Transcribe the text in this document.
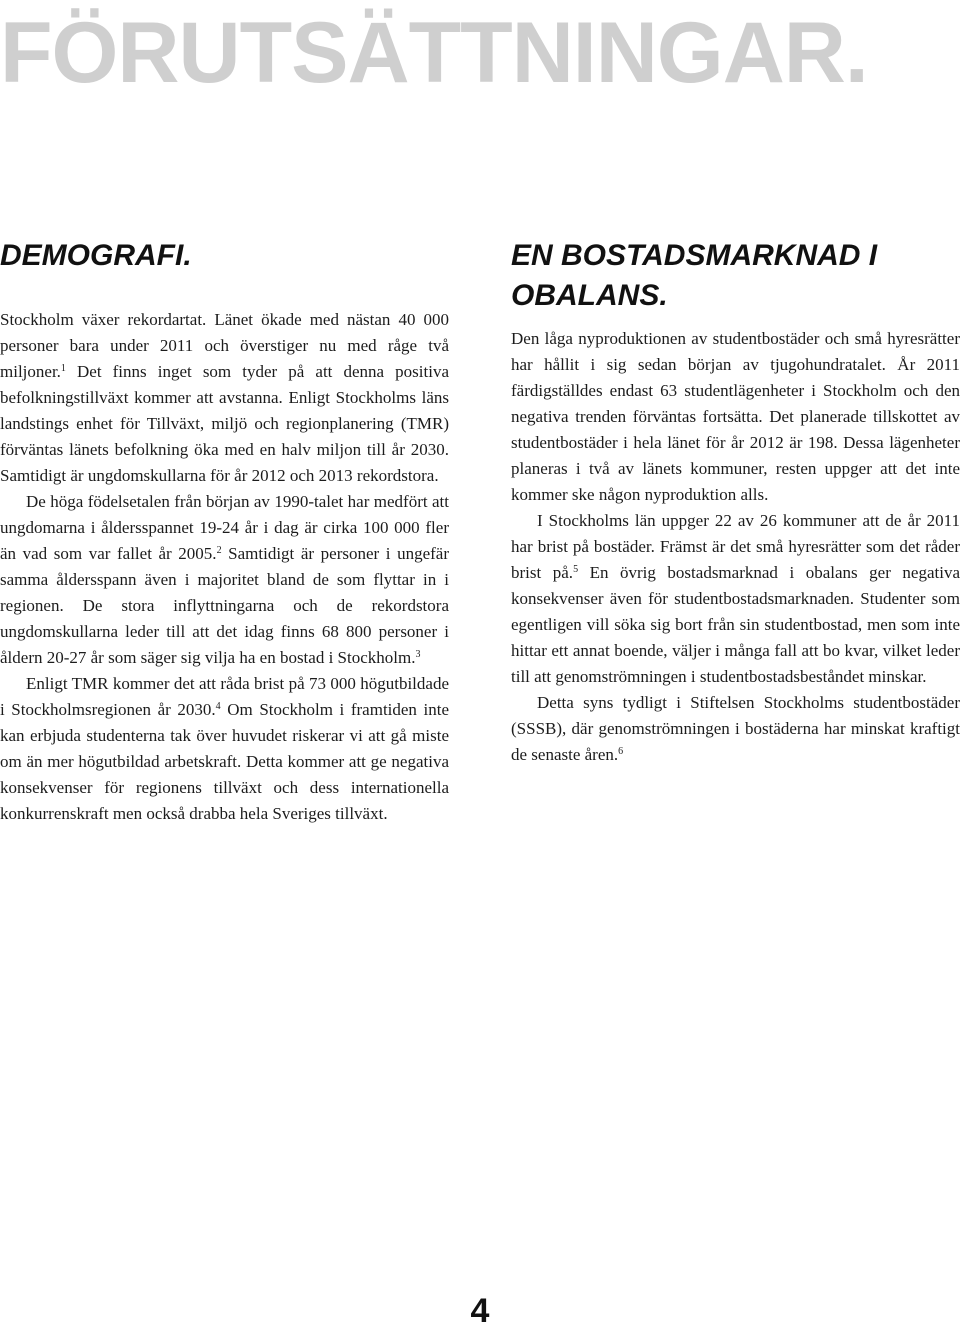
FÖRUTSÄTTNINGAR.
DEMOGRAFI.

Stockholm växer rekordartat. Länet ökade med nästan 40 000 personer bara under 2011 och överstiger nu med råge två miljoner.$^1$ Det finns inget som tyder på att denna positiva befolkningstillväxt kommer att avstanna. Enligt Stockholms läns landstings enhet för Tillväxt, miljö och regionplanering (TMR) förväntas länets befolkning öka med en halv miljon till år 2030. Samtidigt är ungdomskullarna för år 2012 och 2013 rekordstora.

De höga födelsetalen från början av 1990-talet har medfört att ungdomarna i åldersspannet 19-24 år i dag är cirka 100 000 fler än vad som var fallet år 2005.$^2$ Samtidigt är personer i ungefär samma åldersspann även i majoritet bland de som flyttar in i regionen. De stora inflyttningarna och de rekordstora ungdomskullarna leder till att det idag finns 68 800 personer i åldern 20-27 år som säger sig vilja ha en bostad i Stockholm.$^3$

Enligt TMR kommer det att råda brist på 73 000 högutbildade i Stockholmsregionen år 2030.$^4$ Om Stockholm i framtiden inte kan erbjuda studenterna tak över huvudet riskerar vi att gå miste om än mer högutbildad arbetskraft. Detta kommer att ge negativa konsekvenser för regionens tillväxt och dess internationella konkurrenskraft men också drabba hela Sveriges tillväxt.

EN BOSTADSMARKNAD I OBALANS.

Den låga nyproduktionen av studentbostäder och små hyresrätter har hållit i sig sedan början av tjugohundratalet. År 2011 färdigställdes endast 63 studentlägenheter i Stockholm och den negativa trenden förväntas fortsätta. Det planerade tillskottet av studentbostäder i hela länet för år 2012 är 198. Dessa lägenheter planeras i två av länets kommuner, resten uppger att det inte kommer ske någon nyproduktion alls.

I Stockholms län uppger 22 av 26 kommuner att de år 2011 har brist på bostäder. Främst är det små hyresrätter som det råder brist på.$^5$ En övrig bostadsmarknad i obalans ger negativa konsekvenser även för studentbostadsmarknaden. Studenter som egentligen vill söka sig bort från sin studentbostad, men som inte hittar ett annat boende, väljer i många fall att bo kvar, vilket leder till att genomströmningen i studentbostadsbeståndet minskar.

Detta syns tydligt i Stiftelsen Stockholms studentbostäder (SSSB), där genomströmningen i bostäderna har minskat kraftigt de senaste åren.$^6$

4
